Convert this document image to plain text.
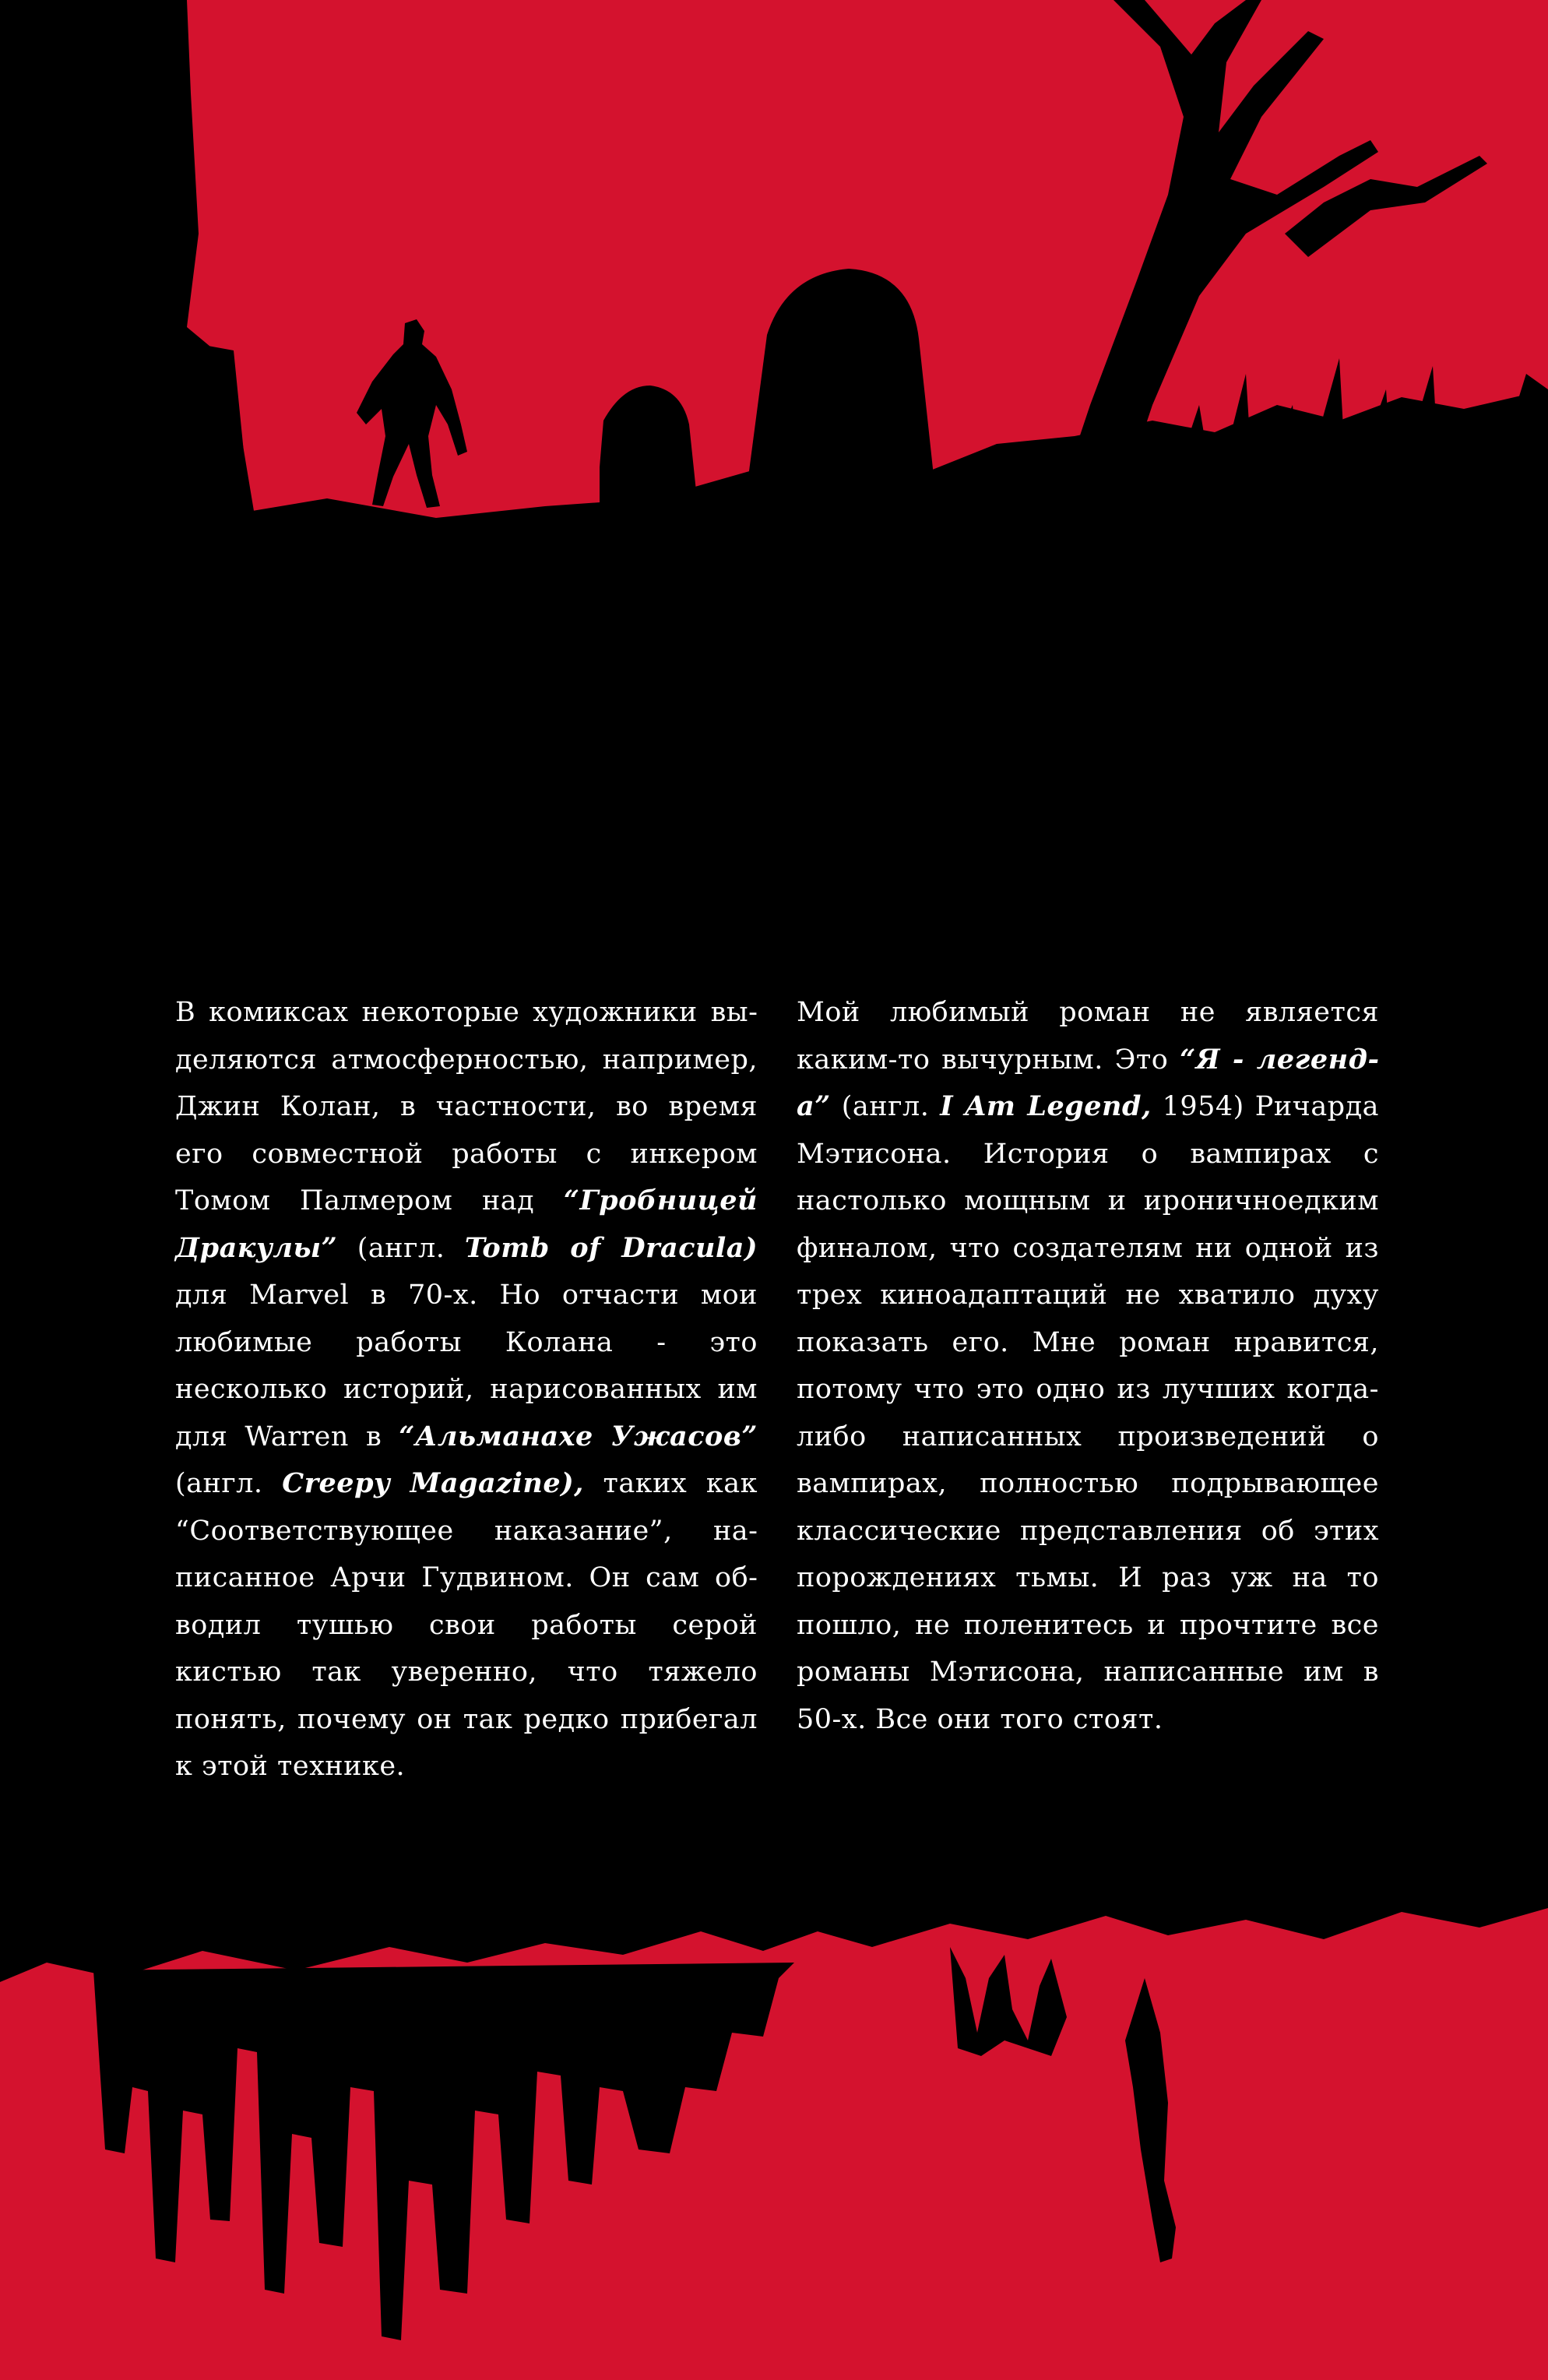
В комиксах некоторые художники выделяются атмосферностью, например, Джин Колан, в частности, во время его совместной работы с инкером Томом Палмером над “Гробницей Дракулы” (англ. Tomb of Dracula) для Marvel в 70-х. Но отчасти мои любимые работы Колана - это несколько историй, нарисованных им для Warren в “Альманахе Ужасов” (англ. Creepy Magazine), таких как “Соответствующее наказание”, написанное Арчи Гудвином. Он сам обводил тушью свои работы серой кистью так уверенно, что тяжело понять, почему он так редко прибегал к этой технике.

Мой любимый роман не является каким-то вычурным. Это “Я - легенда” (англ. I Am Legend, 1954) Ричарда Мэтисона. История о вампирах с настолько мощным и ироничноедким финалом, что создателям ни одной из трех киноадаптаций не хватило духу показать его. Мне роман нравится, потому что это одно из лучших когда-либо написанных произведений о вампирах, полностью подрывающее классические представления об этих порождениях тьмы. И раз уж на то пошло, не поленитесь и прочтите все романы Мэтисона, написанные им в 50-х. Все они того стоят.
